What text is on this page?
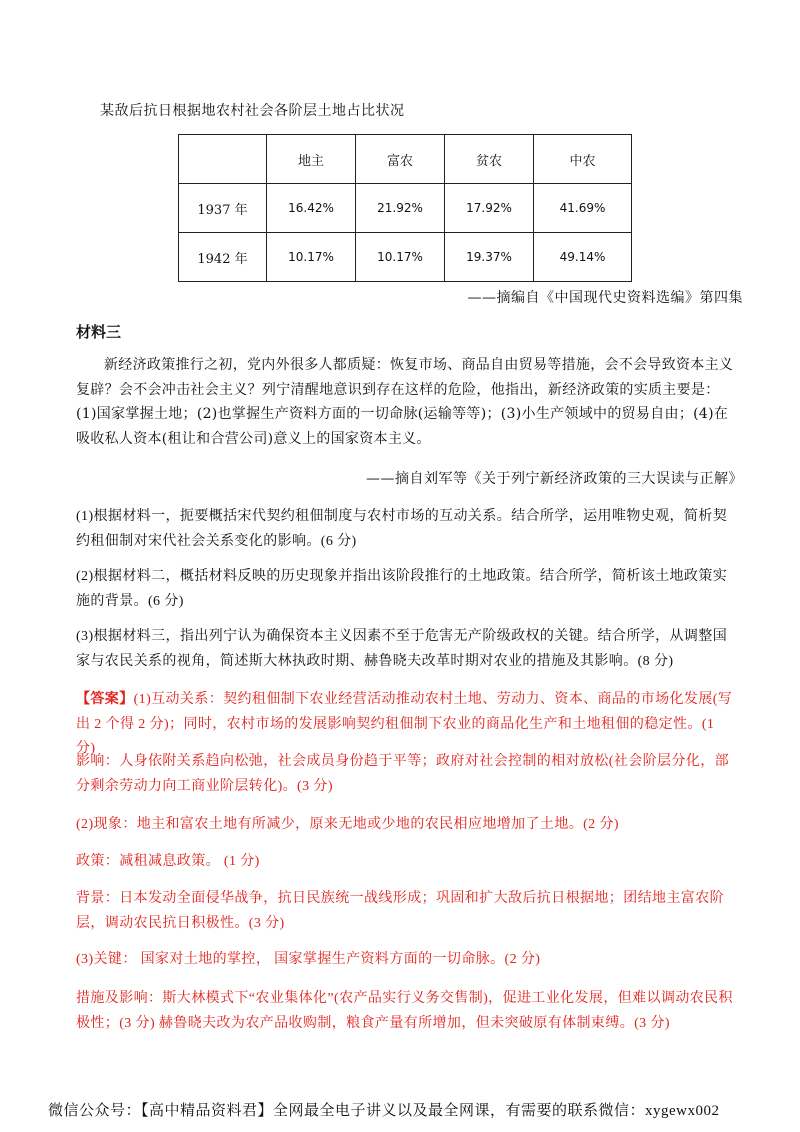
某敌后抗日根据地农村社会各阶层土地占比状况
	地主	富农	贫农	中农
1937 年	16.42%	21.92%	17.92%	41.69%
1942 年	10.17%	10.17%	19.37%	49.14%
——摘编自《中国现代史资料选编》第四集
材料三
新经济政策推行之初，党内外很多人都质疑：恢复市场、商品自由贸易等措施，会不会导致资本主义复辟？会不会冲击社会主义？列宁清醒地意识到存在这样的危险，他指出，新经济政策的实质主要是：(1)国家掌握土地；(2)也掌握生产资料方面的一切命脉(运输等等)；(3)小生产领域中的贸易自由；(4)在吸收私人资本(租让和合营公司)意义上的国家资本主义。
——摘自刘军等《关于列宁新经济政策的三大误读与正解》
(1)根据材料一，扼要概括宋代契约租佃制度与农村市场的互动关系。结合所学，运用唯物史观，简析契约租佃制对宋代社会关系变化的影响。(6 分)
(2)根据材料二，概括材料反映的历史现象并指出该阶段推行的土地政策。结合所学，简析该土地政策实施的背景。(6 分)
(3)根据材料三，指出列宁认为确保资本主义因素不至于危害无产阶级政权的关键。结合所学，从调整国家与农民关系的视角，简述斯大林执政时期、赫鲁晓夫改革时期对农业的措施及其影响。(8 分)
【答案】(1)互动关系：契约租佃制下农业经营活动推动农村土地、劳动力、资本、商品的市场化发展(写出 2 个得 2 分)；同时，农村市场的发展影响契约租佃制下农业的商品化生产和土地租佃的稳定性。(1 分)
影响：人身依附关系趋向松弛，社会成员身份趋于平等；政府对社会控制的相对放松(社会阶层分化，部分剩余劳动力向工商业阶层转化)。(3 分)
(2)现象：地主和富农土地有所减少，原来无地或少地的农民相应地增加了土地。(2 分)
政策：减租减息政策。 (1 分)
背景：日本发动全面侵华战争，抗日民族统一战线形成；巩固和扩大敌后抗日根据地；团结地主富农阶层，调动农民抗日积极性。(3 分)
(3)关键： 国家对土地的掌控， 国家掌握生产资料方面的一切命脉。(2 分)
措施及影响：斯大林模式下“农业集体化”(农产品实行义务交售制)，促进工业化发展，但难以调动农民积极性；(3 分) 赫鲁晓夫改为农产品收购制，粮食产量有所增加，但未突破原有体制束缚。(3 分)
微信公众号：【高中精品资料君】全网最全电子讲义以及最全网课，有需要的联系微信：xygewx002
